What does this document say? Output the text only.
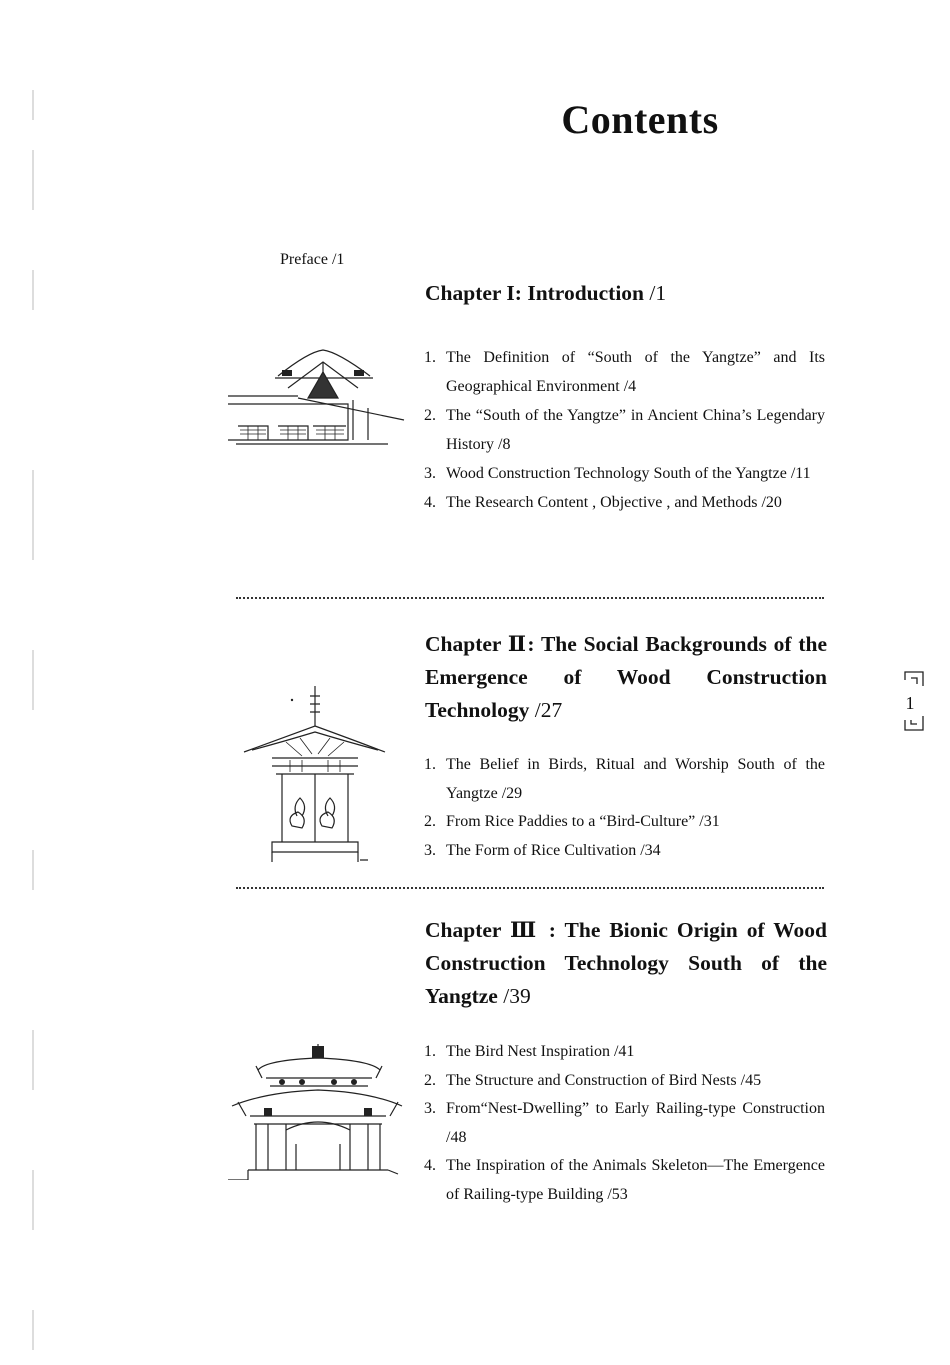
Contents
Preface /1
Chapter I: Introduction /1
1. The Definition of “South of the Yangtze” and Its Geographical Environment /4
2. The “South of the Yangtze” in Ancient China’s Legendary History /8
3. Wood Construction Technology South of the Yangtze /11
4. The Research Content , Objective , and Methods /20
Chapter Ⅱ: The Social Backgrounds of the Emergence of Wood Construction Technology /27
1. The Belief in Birds, Ritual and Worship South of the Yangtze /29
2. From Rice Paddies to a “Bird-Culture” /31
3. The Form of Rice Cultivation /34
Chapter Ⅲ : The Bionic Origin of Wood Construction Technology South of the Yangtze /39
1. The Bird Nest Inspiration /41
2. The Structure and Construction of Bird Nests /45
3. From“Nest-Dwelling” to Early Railing-type Construction /48
4. The Inspiration of the Animals Skeleton—The Emergence of Railing-type Building /53
1
